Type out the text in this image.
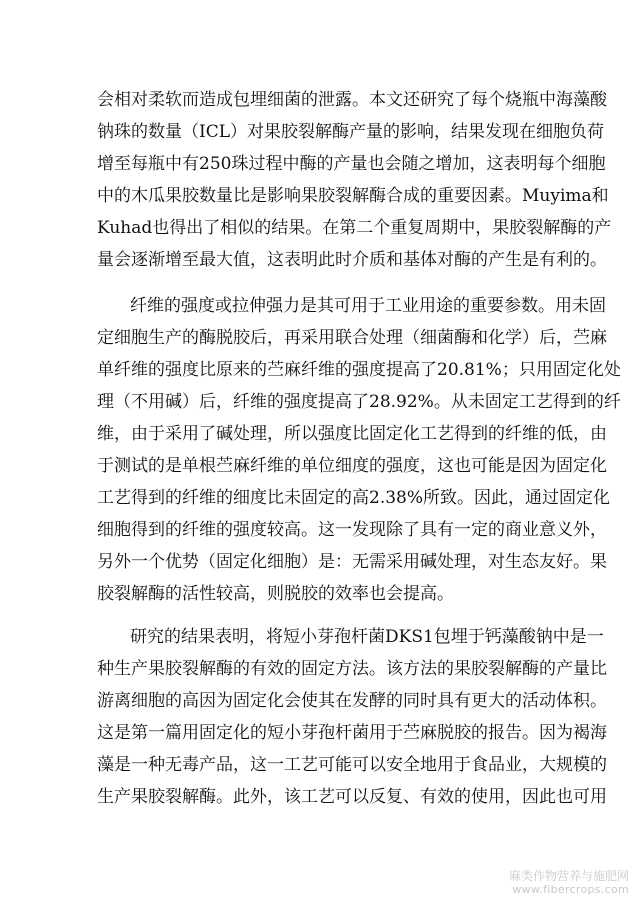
会相对柔软而造成包埋细菌的泄露。本文还研究了每个烧瓶中海藻酸
钠珠的数量（ICL）对果胶裂解酶产量的影响，结果发现在细胞负荷
增至每瓶中有250珠过程中酶的产量也会随之增加，这表明每个细胞
中的木瓜果胶数量比是影响果胶裂解酶合成的重要因素。Muyima和
Kuhad也得出了相似的结果。在第二个重复周期中，果胶裂解酶的产
量会逐渐增至最大值，这表明此时介质和基体对酶的产生是有利的。
纤维的强度或拉伸强力是其可用于工业用途的重要参数。用未固
定细胞生产的酶脱胶后，再采用联合处理（细菌酶和化学）后，苎麻
单纤维的强度比原来的苎麻纤维的强度提高了20.81%；只用固定化处
理（不用碱）后，纤维的强度提高了28.92%。从未固定工艺得到的纤
维，由于采用了碱处理，所以强度比固定化工艺得到的纤维的低，由
于测试的是单根苎麻纤维的单位细度的强度，这也可能是因为固定化
工艺得到的纤维的细度比未固定的高2.38%所致。因此，通过固定化
细胞得到的纤维的强度较高。这一发现除了具有一定的商业意义外，
另外一个优势（固定化细胞）是：无需采用碱处理，对生态友好。果
胶裂解酶的活性较高，则脱胶的效率也会提高。
研究的结果表明，将短小芽孢杆菌DKS1包埋于钙藻酸钠中是一
种生产果胶裂解酶的有效的固定方法。该方法的果胶裂解酶的产量比
游离细胞的高因为固定化会使其在发酵的同时具有更大的活动体积。
这是第一篇用固定化的短小芽孢杆菌用于苎麻脱胶的报告。因为褐海
藻是一种无毒产品，这一工艺可能可以安全地用于食品业，大规模的
生产果胶裂解酶。此外，该工艺可以反复、有效的使用，因此也可用
麻类作物营养与施肥网
www.fibercrops.com
